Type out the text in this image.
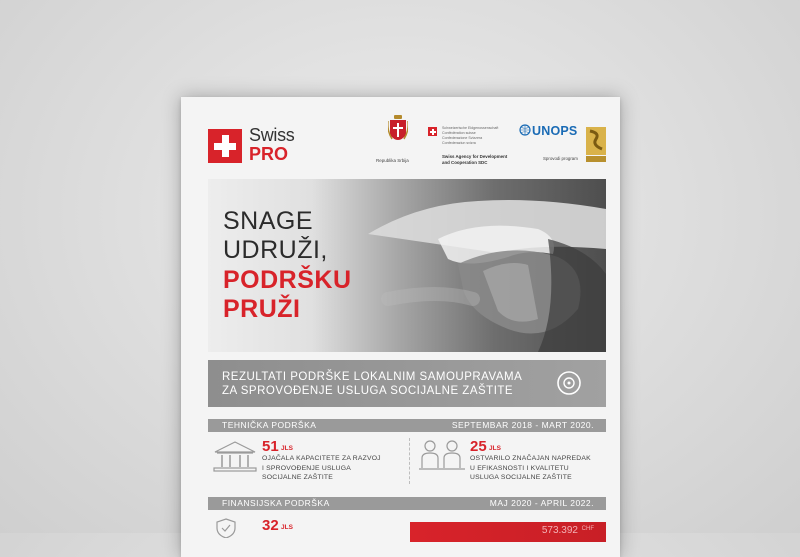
Swiss
PRO	Republika Srbija
Schweizerische Eidgenossenschaft
Confédération suisse
Confederazione Svizzera
Confederaziun svizra
Swiss Agency for Development
and Cooperation SDC
UNOPS
Sprovodi program
SNAGE
UDRUŽI,
PODRŠKU
PRUŽI
REZULTATI PODRŠKE LOKALNIM SAMOUPRAVAMA
ZA SPROVOĐENJE USLUGA SOCIJALNE ZAŠTITE
TEHNIČKA PODRŠKA	SEPTEMBAR 2018 - MART 2020.
51 JLS
OJAČALA KAPACITETE ZA RAZVOJ
I SPROVOĐENJE USLUGA
SOCIJALNE ZAŠTITE
25 JLS
OSTVARILO ZNAČAJAN NAPREDAK
U EFIKASNOSTI I KVALITETU
USLUGA SOCIJALNE ZAŠTITE
FINANSIJSKA PODRŠKA	MAJ 2020 - APRIL 2022.
32 JLS	573.392 CHF
